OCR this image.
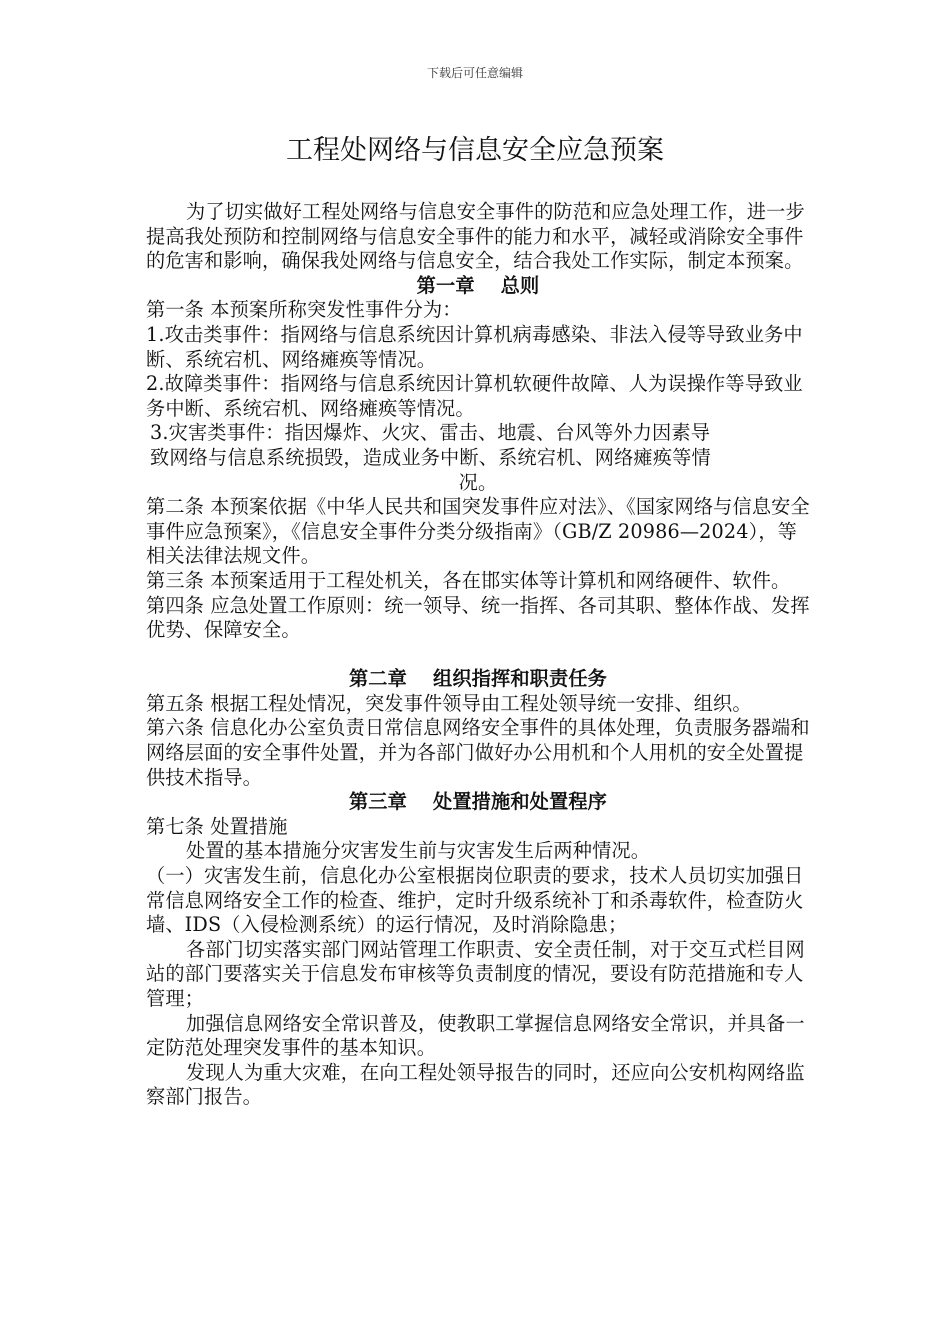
下载后可任意编辑
工程处网络与信息安全应急预案

为了切实做好工程处网络与信息安全事件的防范和应急处理工作，进一步提高我处预防和控制网络与信息安全事件的能力和水平，减轻或消除安全事件的危害和影响，确保我处网络与信息安全，结合我处工作实际，制定本预案。

第一章 总则

第一条 本预案所称突发性事件分为：

1.攻击类事件：指网络与信息系统因计算机病毒感染、非法入侵等导致业务中断、系统宕机、网络瘫痪等情况。

2.故障类事件：指网络与信息系统因计算机软硬件故障、人为误操作等导致业务中断、系统宕机、网络瘫痪等情况。

3.灾害类事件：指因爆炸、火灾、雷击、地震、台风等外力因素导

致网络与信息系统损毁，造成业务中断、系统宕机、网络瘫痪等情

况。

第二条 本预案依据《中华人民共和国突发事件应对法》、《国家网络与信息安全事件应急预案》，《信息安全事件分类分级指南》（GB/Z 20986—2024），等相关法律法规文件。

第三条 本预案适用于工程处机关，各在邯实体等计算机和网络硬件、软件。

第四条 应急处置工作原则：统一领导、统一指挥、各司其职、整体作战、发挥优势、保障安全。

第二章 组织指挥和职责任务

第五条 根据工程处情况，突发事件领导由工程处领导统一安排、组织。

第六条 信息化办公室负责日常信息网络安全事件的具体处理，负责服务器端和网络层面的安全事件处置，并为各部门做好办公用机和个人用机的安全处置提供技术指导。

第三章 处置措施和处置程序

第七条 处置措施

处置的基本措施分灾害发生前与灾害发生后两种情况。

（一）灾害发生前，信息化办公室根据岗位职责的要求，技术人员切实加强日常信息网络安全工作的检查、维护，定时升级系统补丁和杀毒软件，检查防火墙、IDS（入侵检测系统）的运行情况，及时消除隐患；

各部门切实落实部门网站管理工作职责、安全责任制，对于交互式栏目网站的部门要落实关于信息发布审核等负责制度的情况，要设有防范措施和专人管理；

加强信息网络安全常识普及，使教职工掌握信息网络安全常识，并具备一定防范处理突发事件的基本知识。

发现人为重大灾难，在向工程处领导报告的同时，还应向公安机构网络监察部门报告。
